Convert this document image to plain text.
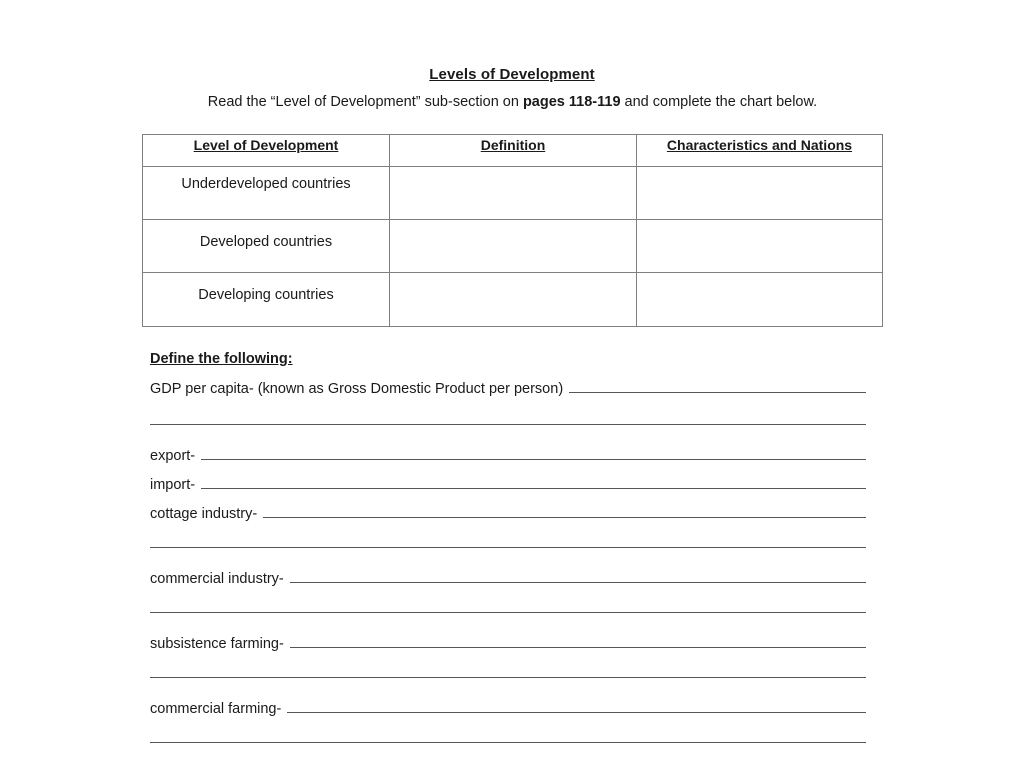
Levels of Development
Read the “Level of Development” sub-section on pages 118-119 and complete the chart below.
Level of Development	Definition	Characteristics and Nations

Underdeveloped countries		

Developed countries		

Developing countries		

Define the following:
GDP per capita- (known as Gross Domestic Product per person)
export-
import-
cottage industry-
commercial industry-
subsistence farming-
commercial farming-
